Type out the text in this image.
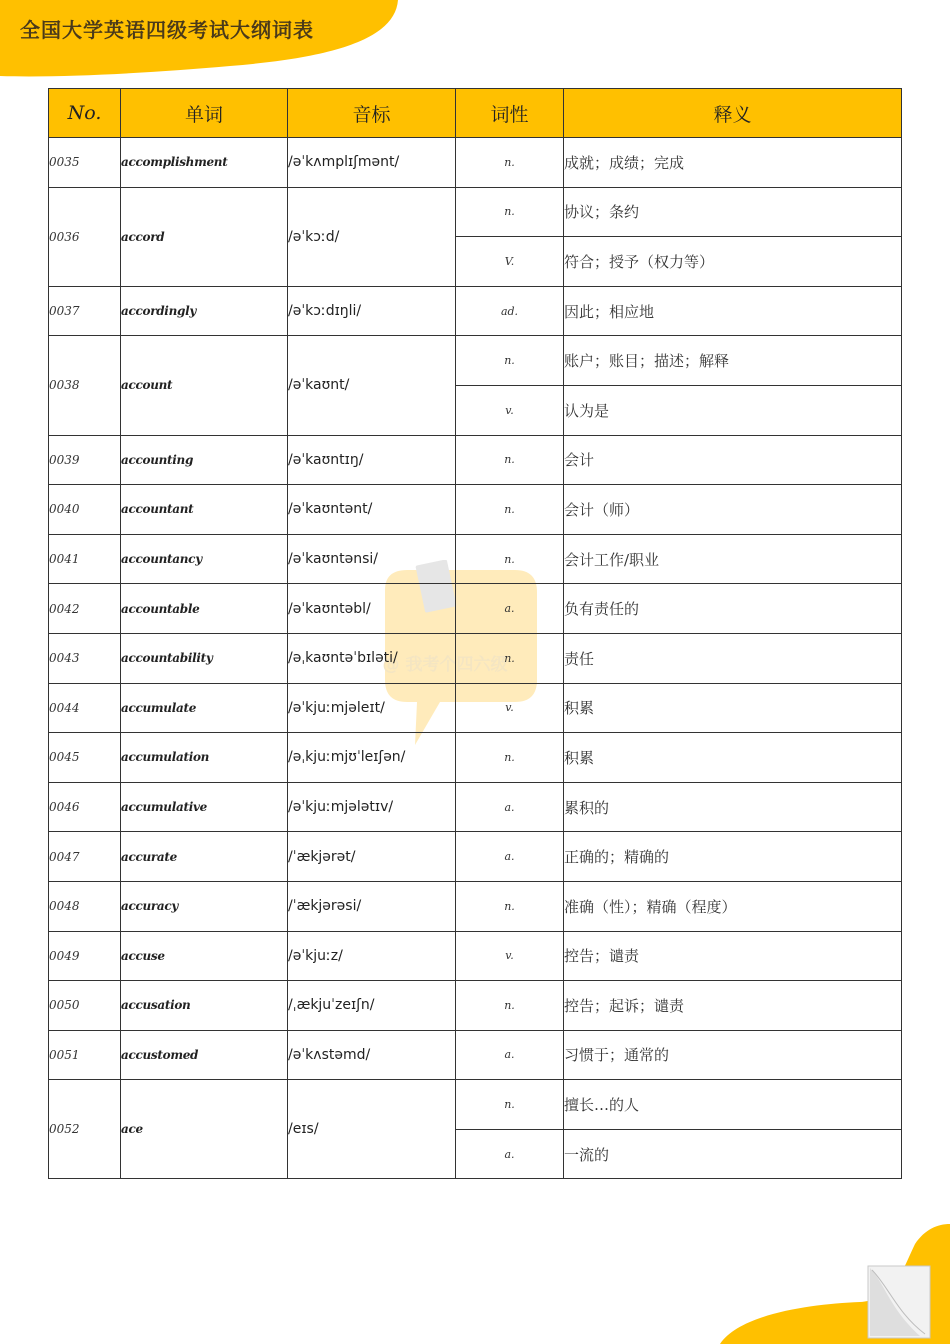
全国大学英语四级考试大纲词表
@ 我考个四六级
No.	单词	音标	词性	释义
0035	accomplishment	/əˈkʌmplɪʃmənt/	n.	成就；成绩；完成
0036	accord	/əˈkɔːd/	n.	协议；条约
			V.	符合；授予（权力等）
0037	accordingly	/əˈkɔːdɪŋli/	ad.	因此；相应地
0038	account	/əˈkaʊnt/	n.	账户；账目；描述；解释
			v.	认为是
0039	accounting	/əˈkaʊntɪŋ/	n.	会计
0040	accountant	/əˈkaʊntənt/	n.	会计（师）
0041	accountancy	/əˈkaʊntənsi/	n.	会计工作/职业
0042	accountable	/əˈkaʊntəbl/	a.	负有责任的
0043	accountability	/əˌkaʊntəˈbɪləti/	n.	责任
0044	accumulate	/əˈkjuːmjəleɪt/	v.	积累
0045	accumulation	/əˌkjuːmjʊˈleɪʃən/	n.	积累
0046	accumulative	/əˈkjuːmjələtɪv/	a.	累积的
0047	accurate	/ˈækjərət/	a.	正确的；精确的
0048	accuracy	/ˈækjərəsi/	n.	准确（性）；精确（程度）
0049	accuse	/əˈkjuːz/	v.	控告；谴责
0050	accusation	/ˌækjuˈzeɪʃn/	n.	控告；起诉；谴责
0051	accustomed	/əˈkʌstəmd/	a.	习惯于；通常的
0052	ace	/eɪs/	n.	擅长…的人
			a.	一流的
